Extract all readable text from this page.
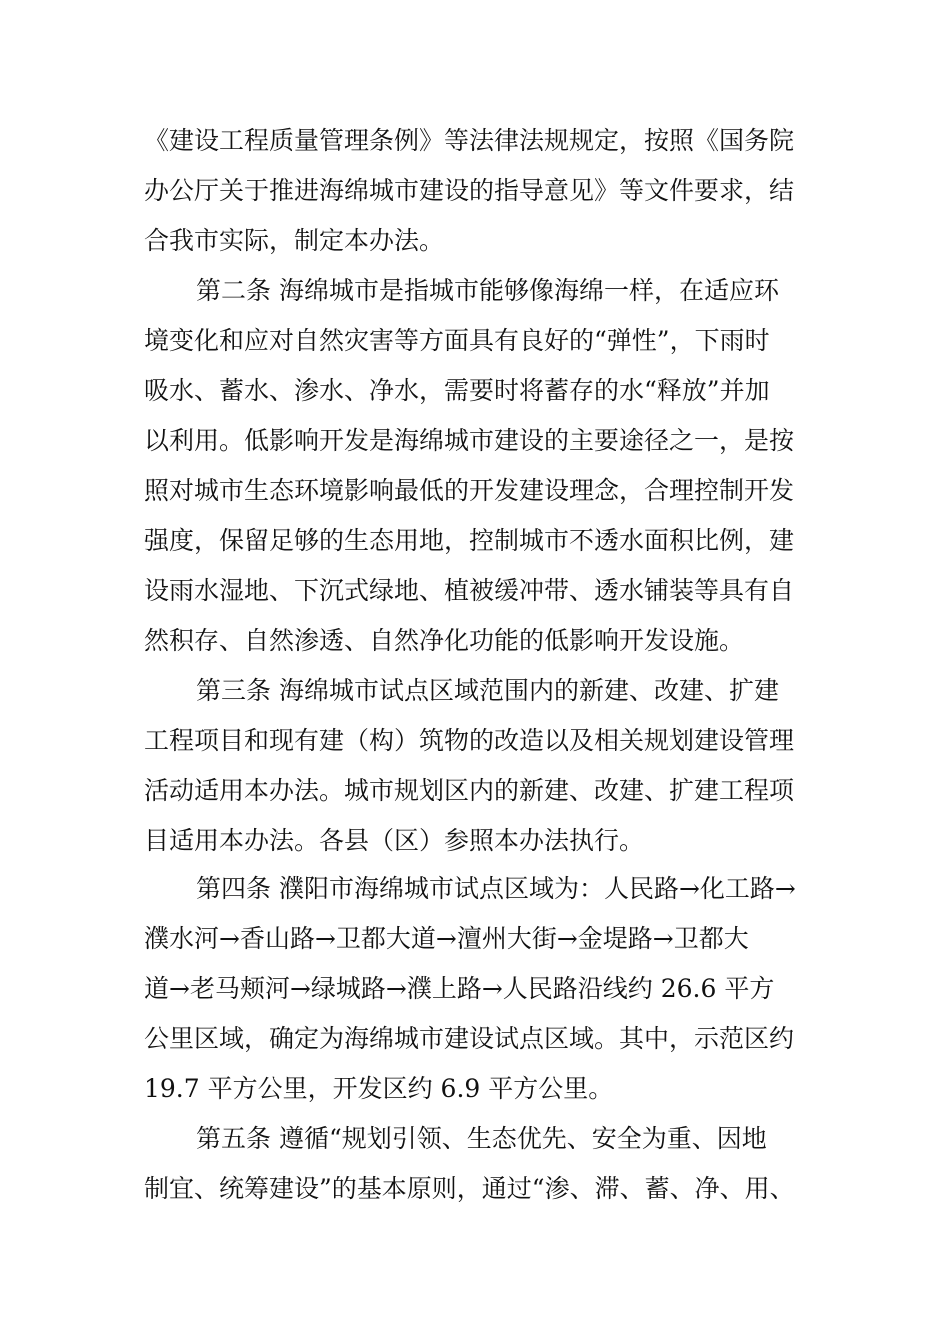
《建设工程质量管理条例》等法律法规规定，按照《国务院
办公厅关于推进海绵城市建设的指导意见》等文件要求，结
合我市实际，制定本办法。
第二条 海绵城市是指城市能够像海绵一样，在适应环
境变化和应对自然灾害等方面具有良好的“弹性”，下雨时
吸水、蓄水、渗水、净水，需要时将蓄存的水“释放”并加
以利用。低影响开发是海绵城市建设的主要途径之一，是按
照对城市生态环境影响最低的开发建设理念，合理控制开发
强度，保留足够的生态用地，控制城市不透水面积比例，建
设雨水湿地、下沉式绿地、植被缓冲带、透水铺装等具有自
然积存、自然渗透、自然净化功能的低影响开发设施。
第三条 海绵城市试点区域范围内的新建、改建、扩建
工程项目和现有建（构）筑物的改造以及相关规划建设管理
活动适用本办法。城市规划区内的新建、改建、扩建工程项
目适用本办法。各县（区）参照本办法执行。
第四条 濮阳市海绵城市试点区域为：人民路→化工路→
濮水河→香山路→卫都大道→澶州大街→金堤路→卫都大
道→老马颊河→绿城路→濮上路→人民路沿线约 26.6 平方
公里区域，确定为海绵城市建设试点区域。其中，示范区约
19.7 平方公里，开发区约 6.9 平方公里。
第五条 遵循“规划引领、生态优先、安全为重、因地
制宜、统筹建设”的基本原则，通过“渗、滞、蓄、净、用、
